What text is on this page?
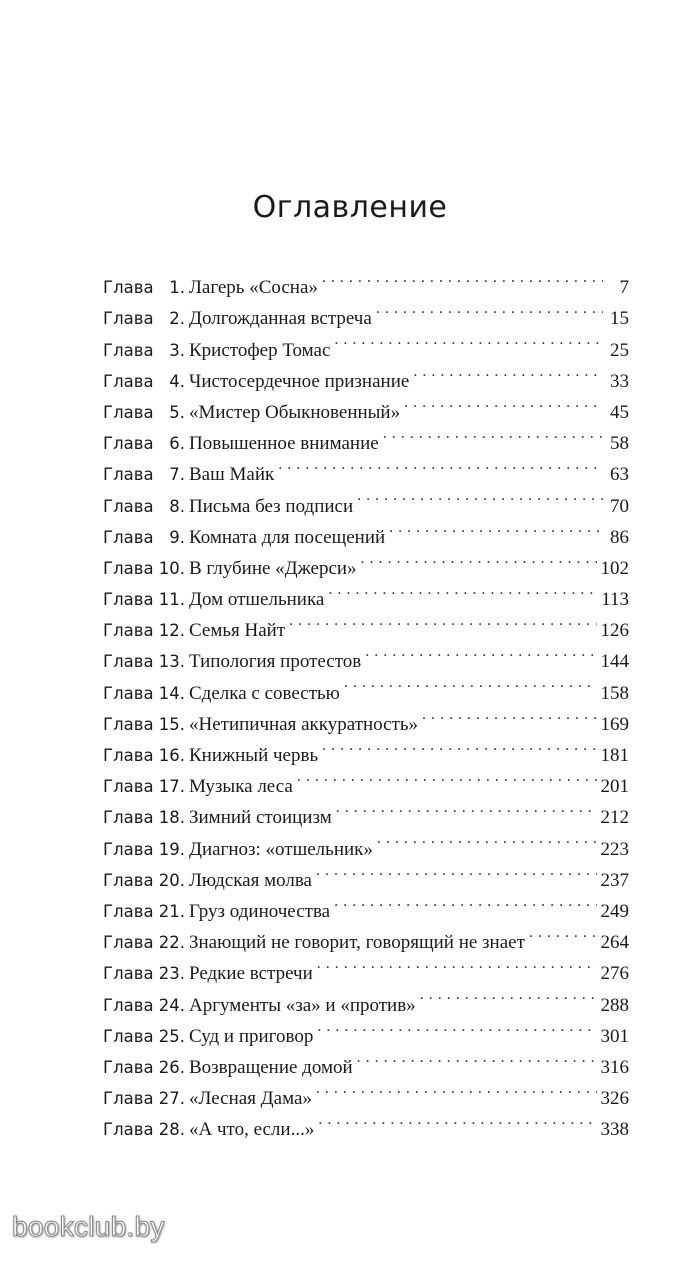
Оглавление
Глава 1. Лагерь «Сосна» . . .	7
Глава 2. Долгожданная встреча . . .	15
Глава 3. Кристофер Томас . . .	25
Глава 4. Чистосердечное признание . . .	33
Глава 5. «Мистер Обыкновенный» . . .	45
Глава 6. Повышенное внимание . . .	58
Глава 7. Ваш Майк . . .	63
Глава 8. Письма без подписи . . .	70
Глава 9. Комната для посещений . . .	86
Глава 10. В глубине «Джерси» . . .	102
Глава 11. Дом отшельника . . .	113
Глава 12. Семья Найт . . .	126
Глава 13. Типология протестов . . .	144
Глава 14. Сделка с совестью . . .	158
Глава 15. «Нетипичная аккуратность» . . .	169
Глава 16. Книжный червь . . .	181
Глава 17. Музыка леса . . .	201
Глава 18. Зимний стоицизм . . .	212
Глава 19. Диагноз: «отшельник» . . .	223
Глава 20. Людская молва . . .	237
Глава 21. Груз одиночества . . .	249
Глава 22. Знающий не говорит, говорящий не знает . . .	264
Глава 23. Редкие встречи . . .	276
Глава 24. Аргументы «за» и «против» . . .	288
Глава 25. Суд и приговор . . .	301
Глава 26. Возвращение домой . . .	316
Глава 27. «Лесная Дама» . . .	326
Глава 28. «А что, если...» . . .	338
bookclub.by
